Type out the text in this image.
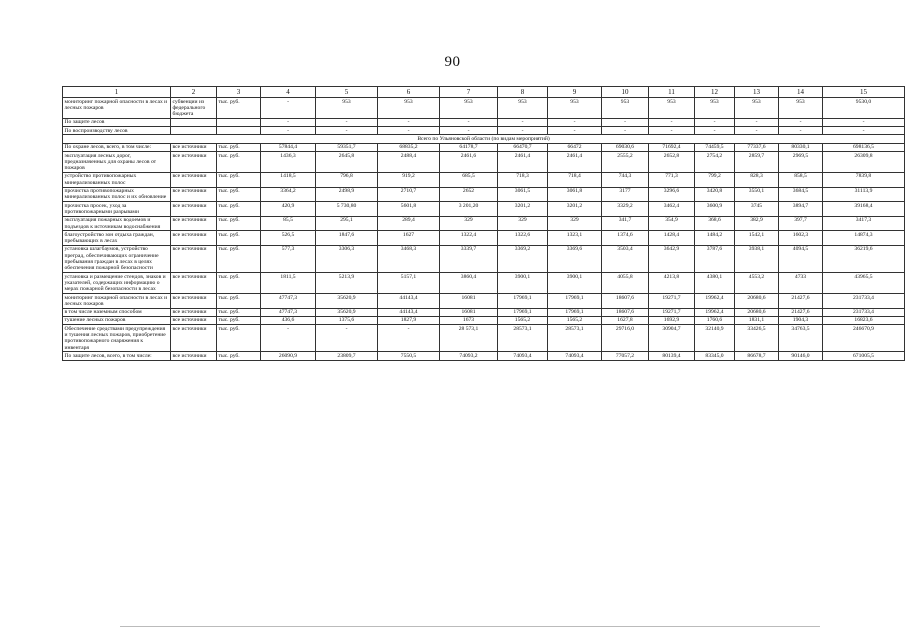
90
1	2	3	4	5	6	7	8	9	10	11	12	13	14	15
мониторинг пожарной опасности в лесах и лесных пожаров	субвенции из федерального бюджета	тыс. руб.	-	953	953	953	953	953	953	953	953	953	953	9530,0
По защите лесов			-	-	-	-	-	-	-	-	-	-	-	-
По воспроизводству лесов			-	-	-	-	-	-	-	-	-	-	-	-
Всего по Ульяновской области (по видам мероприятий)														
По охране лесов, всего, в том числе:	все источники	тыс. руб.	57844,4	59351,7	68835,2	64178,7	66470,7	66472	69030,6	71692,4	74459,5	77337,6	80330,1	698136,5
эксплуатация лесных дорог, предназначенных для охраны лесов от пожаров	все источники	тыс. руб.	1436,3	2645,8	2488,4	2461,6	2461,4	2461,4	2555,2	2652,8	2754,2	2859,7	2969,5	26309,8
устройство противопожарных минерализованных полос	все источники	тыс. руб.	1418,5	796,8	919,2	685,5	718,3	718,4	744,3	771,3	799,2	828,3	858,5	7839,8
прочистка противопожарных минерализованных полос и их обновление	все источники	тыс. руб.	3364,2	2498,9	2710,7	2652	3061,5	3061,8	3177	3296,6	3420,8	3550,1	3684,5	31113,9
прочистка просек, уход за противопожарными разрывами	все источники	тыс. руб.	420,9	5 730,80	5601,8	3 201,20	3201,2	3201,2	3329,2	3462,4	3600,9	3745	3894,7	39168,4
эксплуатация пожарных водоемов и подъездов к источникам водоснабжения	все источники	тыс. руб.	85,5	295,1	289,4	329	329	329	341,7	354,9	368,6	382,9	397,7	3417,3
благоустройство зон отдыха граждан, пребывающих в лесах	все источники	тыс. руб.	526,5	1847,6	1627	1322,4	1322,6	1323,1	1374,6	1428,4	1484,2	1542,1	1602,3	14874,3
установка шлагбаумов, устройство преград, обеспечивающих ограничение пребывания граждан в лесах в целях обеспечения пожарной безопасности	все источники	тыс. руб.	577,3	3306,3	3468,3	3339,7	3369,2	3369,6	3503,4	3642,9	3787,6	3938,1	4094,5	36219,6
установка и размещение стендов, знаков и указателей, содержащих информацию о мерах пожарной безопасности в лесах	все источники	тыс. руб.	1811,5	5213,9	5157,1	3860,4	3900,1	3900,1	4055,8	4213,8	4380,1	4553,2	4733	43965,5
мониторинг пожарной опасности в лесах и лесных пожаров	все источники	тыс. руб.	47747,3	35620,9	44143,4	16081	17969,1	17969,1	18607,6	19271,7	19962,4	20680,6	21427,6	231733,4
в том числе наземным способом	все источники	тыс. руб.	47747,3	35620,9	44143,4	16081	17969,1	17969,1	18607,6	19271,7	19962,4	20680,6	21427,6	231733,4
тушение лесных пожаров	все источники	тыс. руб.	436,6	1375,6	1827,9	1673	1565,2	1565,2	1627,8	1692,9	1760,6	1831,1	1904,3	16823,6
Обеспечение средствами предупреждения и тушения лесных пожаров, приобретение противопожарного снаряжения к инвентаря	все источники	тыс. руб.	-	-	-	28 573,1	28573,1	28573,1	29716,0	30904,7	32140,9	33426,5	34763,5	246670,9
По защите лесов, всего, в том числе:	все источники	тыс. руб.	26090,9	23809,7	7550,5	74093,2	74093,4	74093,4	77057,2	80139,4	83345,0	86678,7	90146,0	671005,5
